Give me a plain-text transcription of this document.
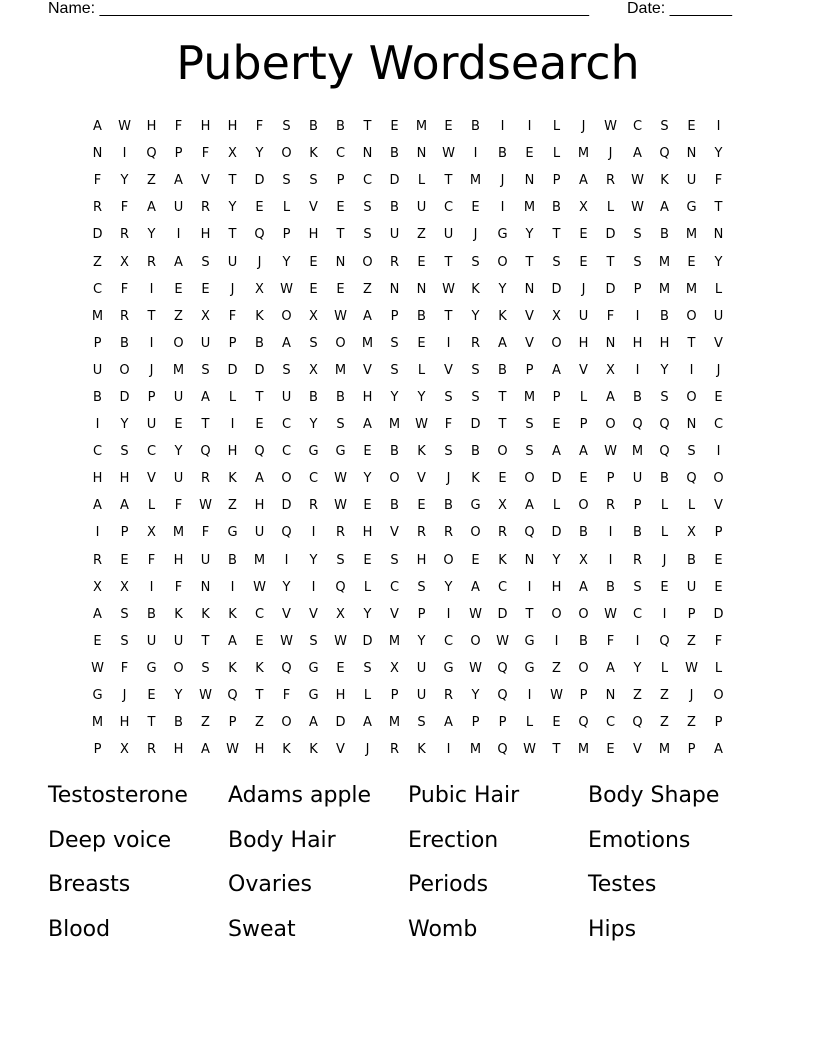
Name: _______________________________________________________

Date: _______

Puberty Wordsearch
A	W	H	F	H	H	F	S	B	B	T	E	M	E	B	I	I	L	J	W	C	S	E	I
N	I	Q	P	F	X	Y	O	K	C	N	B	N	W	I	B	E	L	M	J	A	Q	N	Y
F	Y	Z	A	V	T	D	S	S	P	C	D	L	T	M	J	N	P	A	R	W	K	U	F
R	F	A	U	R	Y	E	L	V	E	S	B	U	C	E	I	M	B	X	L	W	A	G	T
D	R	Y	I	H	T	Q	P	H	T	S	U	Z	U	J	G	Y	T	E	D	S	B	M	N
Z	X	R	A	S	U	J	Y	E	N	O	R	E	T	S	O	T	S	E	T	S	M	E	Y
C	F	I	E	E	J	X	W	E	E	Z	N	N	W	K	Y	N	D	J	D	P	M	M	L
M	R	T	Z	X	F	K	O	X	W	A	P	B	T	Y	K	V	X	U	F	I	B	O	U
P	B	I	O	U	P	B	A	S	O	M	S	E	I	R	A	V	O	H	N	H	H	T	V
U	O	J	M	S	D	D	S	X	M	V	S	L	V	S	B	P	A	V	X	I	Y	I	J
B	D	P	U	A	L	T	U	B	B	H	Y	Y	S	S	T	M	P	L	A	B	S	O	E
I	Y	U	E	T	I	E	C	Y	S	A	M	W	F	D	T	S	E	P	O	Q	Q	N	C
C	S	C	Y	Q	H	Q	C	G	G	E	B	K	S	B	O	S	A	A	W	M	Q	S	I
H	H	V	U	R	K	A	O	C	W	Y	O	V	J	K	E	O	D	E	P	U	B	Q	O
A	A	L	F	W	Z	H	D	R	W	E	B	E	B	G	X	A	L	O	R	P	L	L	V
I	P	X	M	F	G	U	Q	I	R	H	V	R	R	O	R	Q	D	B	I	B	L	X	P
R	E	F	H	U	B	M	I	Y	S	E	S	H	O	E	K	N	Y	X	I	R	J	B	E
X	X	I	F	N	I	W	Y	I	Q	L	C	S	Y	A	C	I	H	A	B	S	E	U	E
A	S	B	K	K	K	C	V	V	X	Y	V	P	I	W	D	T	O	O	W	C	I	P	D
E	S	U	U	T	A	E	W	S	W	D	M	Y	C	O	W	G	I	B	F	I	Q	Z	F
W	F	G	O	S	K	K	Q	G	E	S	X	U	G	W	Q	G	Z	O	A	Y	L	W	L
G	J	E	Y	W	Q	T	F	G	H	L	P	U	R	Y	Q	I	W	P	N	Z	Z	J	O
M	H	T	B	Z	P	Z	O	A	D	A	M	S	A	P	P	L	E	Q	C	Q	Z	Z	P
P	X	R	H	A	W	H	K	K	V	J	R	K	I	M	Q	W	T	M	E	V	M	P	A
Testosterone	Adams apple	Pubic Hair	Body Shape
Deep voice	Body Hair	Erection	Emotions
Breasts	Ovaries	Periods	Testes
Blood	Sweat	Womb	Hips
